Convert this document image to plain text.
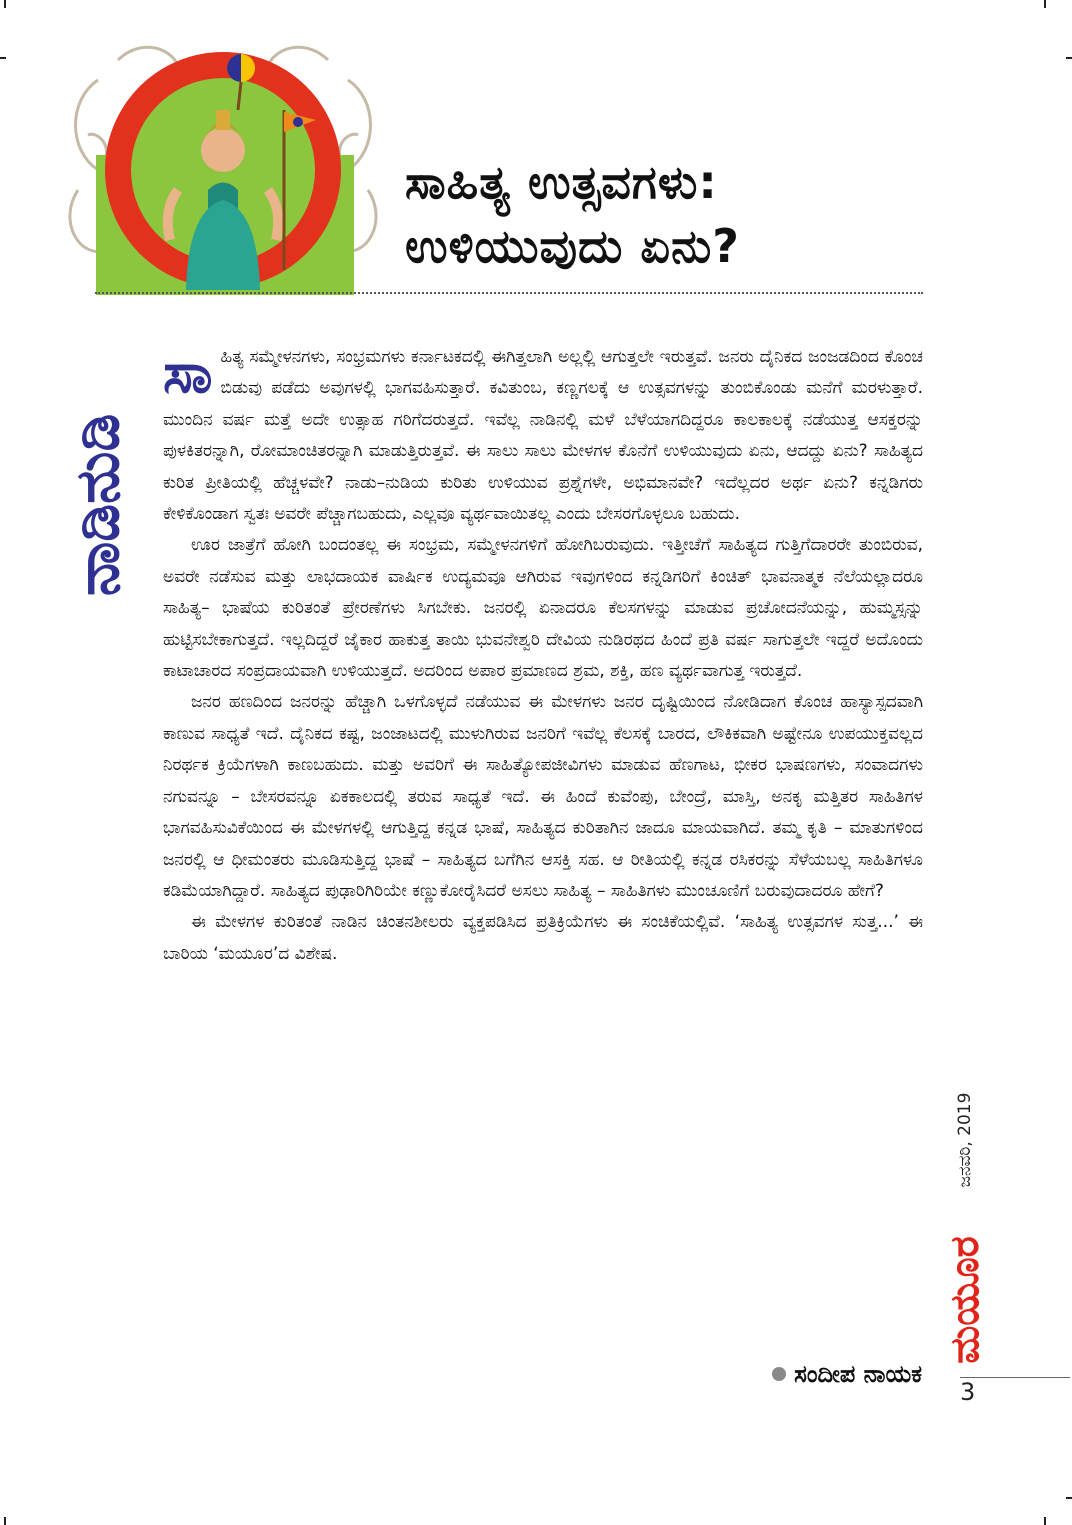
ಸಾಹಿತ್ಯ ಉತ್ಸವಗಳು:
ಉಳಿಯುವುದು ಏನು?
ನಾಡಿನುಡಿ

ಸಾಹಿತ್ಯ ಸಮ್ಮೇಳನಗಳು, ಸಂಭ್ರಮಗಳು ಕರ್ನಾಟಕದಲ್ಲಿ ಈಗಿತ್ತಲಾಗಿ ಅಲ್ಲಲ್ಲಿ ಆಗುತ್ತಲೇ ಇರುತ್ತವೆ. ಜನರು ದೈನಿಕದ ಜಂಜಡದಿಂದ ಕೊಂಚ ಬಿಡುವು ಪಡೆದು ಅವುಗಳಲ್ಲಿ ಭಾಗವಹಿಸುತ್ತಾರೆ. ಕವಿತುಂಬ, ಕಣ್ಣಗಲಕ್ಕೆ ಆ ಉತ್ಸವಗಳನ್ನು ತುಂಬಿಕೊಂಡು ಮನೆಗೆ ಮರಳುತ್ತಾರೆ. ಮುಂದಿನ ವರ್ಷ ಮತ್ತೆ ಅದೇ ಉತ್ಸಾಹ ಗರಿಗೆದರುತ್ತದೆ. ಇವೆಲ್ಲ ನಾಡಿನಲ್ಲಿ ಮಳೆ ಬೆಳೆಯಾಗದಿದ್ದರೂ ಕಾಲಕಾಲಕ್ಕೆ ನಡೆಯುತ್ತ ಆಸಕ್ತರನ್ನು ಪುಳಕಿತರನ್ನಾಗಿ, ರೋಮಾಂಚಿತರನ್ನಾಗಿ ಮಾಡುತ್ತಿರುತ್ತವೆ. ಈ ಸಾಲು ಸಾಲು ಮೇಳಗಳ ಕೊನೆಗೆ ಉಳಿಯುವುದು ಏನು, ಆದದ್ದು ಏನು? ಸಾಹಿತ್ಯದ ಕುರಿತ ಪ್ರೀತಿಯಲ್ಲಿ ಹೆಚ್ಚಳವೇ? ನಾಡು–ನುಡಿಯ ಕುರಿತು ಉಳಿಯುವ ಪ್ರಶ್ನೆಗಳೇ, ಅಭಿಮಾನವೇ? ಇದೆಲ್ಲದರ ಅರ್ಥ ಏನು? ಕನ್ನಡಿಗರು ಕೇಳಿಕೊಂಡಾಗ ಸ್ವತಃ ಅವರೇ ಪೆಚ್ಚಾಗಬಹುದು, ಎಲ್ಲವೂ ವ್ಯರ್ಥವಾಯಿತಲ್ಲ ಎಂದು ಬೇಸರಗೊಳ್ಳಲೂ ಬಹುದು.

ಊರ ಜಾತ್ರೆಗೆ ಹೋಗಿ ಬಂದಂತಲ್ಲ ಈ ಸಂಭ್ರಮ, ಸಮ್ಮೇಳನಗಳಿಗೆ ಹೋಗಿಬರುವುದು. ಇತ್ತೀಚೆಗೆ ಸಾಹಿತ್ಯದ ಗುತ್ತಿಗೆದಾರರೇ ತುಂಬಿರುವ, ಅವರೇ ನಡೆಸುವ ಮತ್ತು ಲಾಭದಾಯಕ ವಾರ್ಷಿಕ ಉದ್ಯಮವೂ ಆಗಿರುವ ಇವುಗಳಿಂದ ಕನ್ನಡಿಗರಿಗೆ ಕಿಂಚಿತ್ ಭಾವನಾತ್ಮಕ ನೆಲೆಯಲ್ಲಾದರೂ ಸಾಹಿತ್ಯ– ಭಾಷೆಯ ಕುರಿತಂತೆ ಪ್ರೇರಣೆಗಳು ಸಿಗಬೇಕು. ಜನರಲ್ಲಿ ಏನಾದರೂ ಕೆಲಸಗಳನ್ನು ಮಾಡುವ ಪ್ರಚೋದನೆಯನ್ನು, ಹುಮ್ಮಸ್ಸನ್ನು ಹುಟ್ಟಿಸಬೇಕಾಗುತ್ತದೆ. ಇಲ್ಲದಿದ್ದರೆ ಜೈಕಾರ ಹಾಕುತ್ತ ತಾಯಿ ಭುವನೇಶ್ವರಿ ದೇವಿಯ ನುಡಿರಥದ ಹಿಂದೆ ಪ್ರತಿ ವರ್ಷ ಸಾಗುತ್ತಲೇ ಇದ್ದರೆ ಅದೊಂದು ಕಾಟಾಚಾರದ ಸಂಪ್ರದಾಯವಾಗಿ ಉಳಿಯುತ್ತದೆ. ಅದರಿಂದ ಅಪಾರ ಪ್ರಮಾಣದ ಶ್ರಮ, ಶಕ್ತಿ, ಹಣ ವ್ಯರ್ಥವಾಗುತ್ತ ಇರುತ್ತದೆ.

ಜನರ ಹಣದಿಂದ ಜನರನ್ನು ಹೆಚ್ಚಾಗಿ ಒಳಗೊಳ್ಳದೆ ನಡೆಯುವ ಈ ಮೇಳಗಳು ಜನರ ದೃಷ್ಟಿಯಿಂದ ನೋಡಿದಾಗ ಕೊಂಚ ಹಾಸ್ಯಾಸ್ಪದವಾಗಿ ಕಾಣುವ ಸಾಧ್ಯತೆ ಇದೆ. ದೈನಿಕದ ಕಷ್ಟ, ಜಂಜಾಟದಲ್ಲಿ ಮುಳುಗಿರುವ ಜನರಿಗೆ ಇವೆಲ್ಲ ಕೆಲಸಕ್ಕೆ ಬಾರದ, ಲೌಕಿಕವಾಗಿ ಅಷ್ಟೇನೂ ಉಪಯುಕ್ತವಲ್ಲದ ನಿರರ್ಥಕ ಕ್ರಿಯೆಗಳಾಗಿ ಕಾಣಬಹುದು. ಮತ್ತು ಅವರಿಗೆ ಈ ಸಾಹಿತ್ಯೋಪಜೀವಿಗಳು ಮಾಡುವ ಹೆಣಗಾಟ, ಭೀಕರ ಭಾಷಣಗಳು, ಸಂವಾದಗಳು ನಗುವನ್ನೂ – ಬೇಸರವನ್ನೂ ಏಕಕಾಲದಲ್ಲಿ ತರುವ ಸಾಧ್ಯತೆ ಇದೆ. ಈ ಹಿಂದೆ ಕುವೆಂಪು, ಬೇಂದ್ರೆ, ಮಾಸ್ತಿ, ಅನಕೃ ಮತ್ತಿತರ ಸಾಹಿತಿಗಳ ಭಾಗವಹಿಸುವಿಕೆಯಿಂದ ಈ ಮೇಳಗಳಲ್ಲಿ ಆಗುತ್ತಿದ್ದ ಕನ್ನಡ ಭಾಷೆ, ಸಾಹಿತ್ಯದ ಕುರಿತಾಗಿನ ಜಾದೂ ಮಾಯವಾಗಿದೆ. ತಮ್ಮ ಕೃತಿ – ಮಾತುಗಳಿಂದ ಜನರಲ್ಲಿ ಆ ಧೀಮಂತರು ಮೂಡಿಸುತ್ತಿದ್ದ ಭಾಷೆ – ಸಾಹಿತ್ಯದ ಬಗೆಗಿನ ಆಸಕ್ತಿ ಸಹ. ಆ ರೀತಿಯಲ್ಲಿ ಕನ್ನಡ ರಸಿಕರನ್ನು ಸೆಳೆಯಬಲ್ಲ ಸಾಹಿತಿಗಳೂ ಕಡಿಮೆಯಾಗಿದ್ದಾರೆ. ಸಾಹಿತ್ಯದ ಪುಢಾರಿಗಿರಿಯೇ ಕಣ್ಣುಕೋರೈಸಿದರೆ ಅಸಲು ಸಾಹಿತ್ಯ – ಸಾಹಿತಿಗಳು ಮುಂಚೂಣಿಗೆ ಬರುವುದಾದರೂ ಹೇಗೆ?

ಈ ಮೇಳಗಳ ಕುರಿತಂತೆ ನಾಡಿನ ಚಿಂತನಶೀಲರು ವ್ಯಕ್ತಪಡಿಸಿದ ಪ್ರತಿಕ್ರಿಯೆಗಳು ಈ ಸಂಚಿಕೆಯಲ್ಲಿವೆ. ‘ಸಾಹಿತ್ಯ ಉತ್ಸವಗಳ ಸುತ್ತ...’ ಈ ಬಾರಿಯ ‘ಮಯೂರ’ದ ವಿಶೇಷ.

ಸಂದೀಪ ನಾಯಕ
ಜನವರಿ, 2019
ಮಯೂರ
3
